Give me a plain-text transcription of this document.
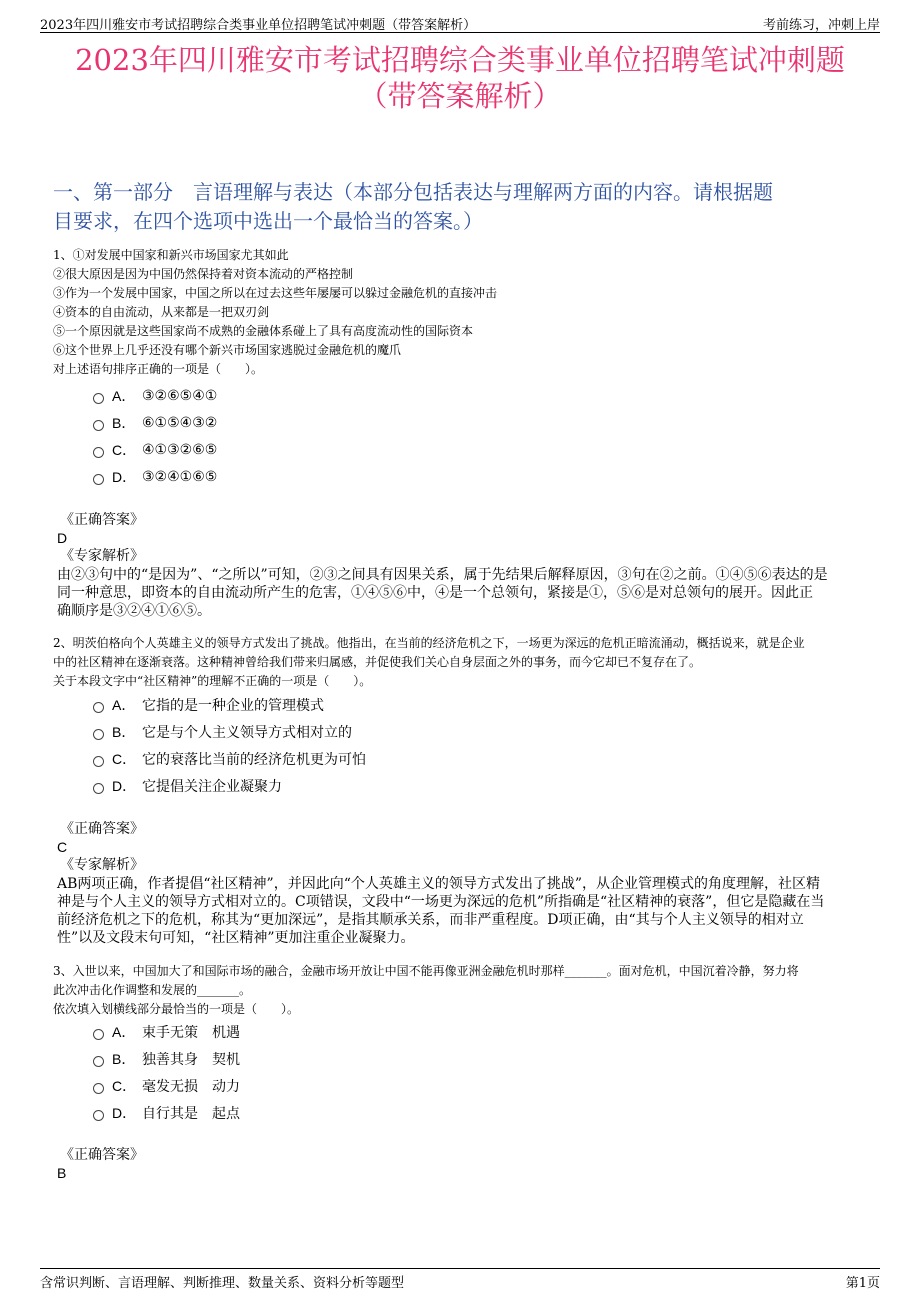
2023年四川雅安市考试招聘综合类事业单位招聘笔试冲刺题（带答案解析）	考前练习，冲刺上岸
2023年四川雅安市考试招聘综合类事业单位招聘笔试冲刺题
（带答案解析）
一、第一部分　言语理解与表达（本部分包括表达与理解两方面的内容。请根据题
目要求，在四个选项中选出一个最恰当的答案。）
1、①对发展中国家和新兴市场国家尤其如此
②很大原因是因为中国仍然保持着对资本流动的严格控制
③作为一个发展中国家，中国之所以在过去这些年屡屡可以躲过金融危机的直接冲击
④资本的自由流动，从来都是一把双刃剑
⑤一个原因就是这些国家尚不成熟的金融体系碰上了具有高度流动性的国际资本
⑥这个世界上几乎还没有哪个新兴市场国家逃脱过金融危机的魔爪
对上述语句排序正确的一项是（　　）。
A． ③②⑥⑤④①
B． ⑥①⑤④③②
C． ④①③②⑥⑤
D． ③②④①⑥⑤
《正确答案》
D
《专家解析》
由②③句中的“是因为”、“之所以”可知，②③之间具有因果关系，属于先结果后解释原因，③句在②之前。①④⑤⑥表达的是
同一种意思，即资本的自由流动所产生的危害，①④⑤⑥中，④是一个总领句，紧接是①，⑤⑥是对总领句的展开。因此正
确顺序是③②④①⑥⑤。
2、明茨伯格向个人英雄主义的领导方式发出了挑战。他指出，在当前的经济危机之下，一场更为深远的危机正暗流涌动，概括说来，就是企业
中的社区精神在逐渐衰落。这种精神曾给我们带来归属感，并促使我们关心自身层面之外的事务，而今它却已不复存在了。
关于本段文字中“社区精神”的理解不正确的一项是（　　）。
A． 它指的是一种企业的管理模式
B． 它是与个人主义领导方式相对立的
C． 它的衰落比当前的经济危机更为可怕
D． 它提倡关注企业凝聚力
《正确答案》
C
《专家解析》
AB两项正确，作者提倡“社区精神”，并因此向“个人英雄主义的领导方式发出了挑战”，从企业管理模式的角度理解，社区精
神是与个人主义的领导方式相对立的。C项错误，文段中“一场更为深远的危机”所指确是“社区精神的衰落”，但它是隐藏在当
前经济危机之下的危机，称其为“更加深远”，是指其顺承关系，而非严重程度。D项正确，由“其与个人主义领导的相对立
性”以及文段末句可知，“社区精神”更加注重企业凝聚力。
3、入世以来，中国加大了和国际市场的融合，金融市场开放让中国不能再像亚洲金融危机时那样_______。面对危机，中国沉着冷静，努力将
此次冲击化作调整和发展的_______。
依次填入划横线部分最恰当的一项是（　　）。
A． 束手无策　机遇
B． 独善其身　契机
C． 毫发无损　动力
D． 自行其是　起点
《正确答案》
B
含常识判断、言语理解、判断推理、数量关系、资料分析等题型	第1页
